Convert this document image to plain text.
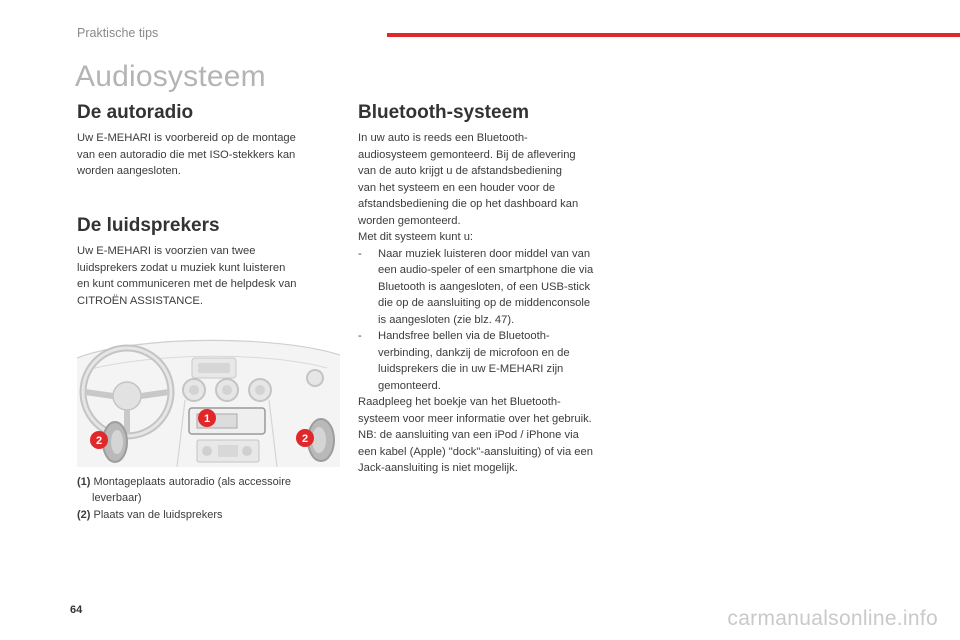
Praktische tips
Audiosysteem
De autoradio
Uw E-MEHARI is voorbereid op de montage
van een autoradio die met ISO-stekkers kan
worden aangesloten.
De luidsprekers
Uw E-MEHARI is voorzien van twee
luidsprekers zodat u muziek kunt luisteren
en kunt communiceren met de helpdesk van
CITROËN ASSISTANCE.
1
2	2
(1) Montageplaats autoradio (als accessoire
leverbaar)
(2) Plaats van de luidsprekers
Bluetooth-systeem
In uw auto is reeds een Bluetooth-
audiosysteem gemonteerd. Bij de aflevering
van de auto krijgt u de afstandsbediening
van het systeem en een houder voor de
afstandsbediening die op het dashboard kan
worden gemonteerd.
Met dit systeem kunt u:
- Naar muziek luisteren door middel van van
een audio-speler of een smartphone die via
Bluetooth is aangesloten, of een USB-stick
die op de aansluiting op de middenconsole
is aangesloten (zie blz. 47).
- Handsfree bellen via de Bluetooth-
verbinding, dankzij de microfoon en de
luidsprekers die in uw E-MEHARI zijn
gemonteerd.
Raadpleeg het boekje van het Bluetooth-
systeem voor meer informatie over het gebruik.
NB: de aansluiting van een iPod / iPhone via
een kabel (Apple) "dock"-aansluiting) of via een
Jack-aansluiting is niet mogelijk.
64	carmanualsonline.info
